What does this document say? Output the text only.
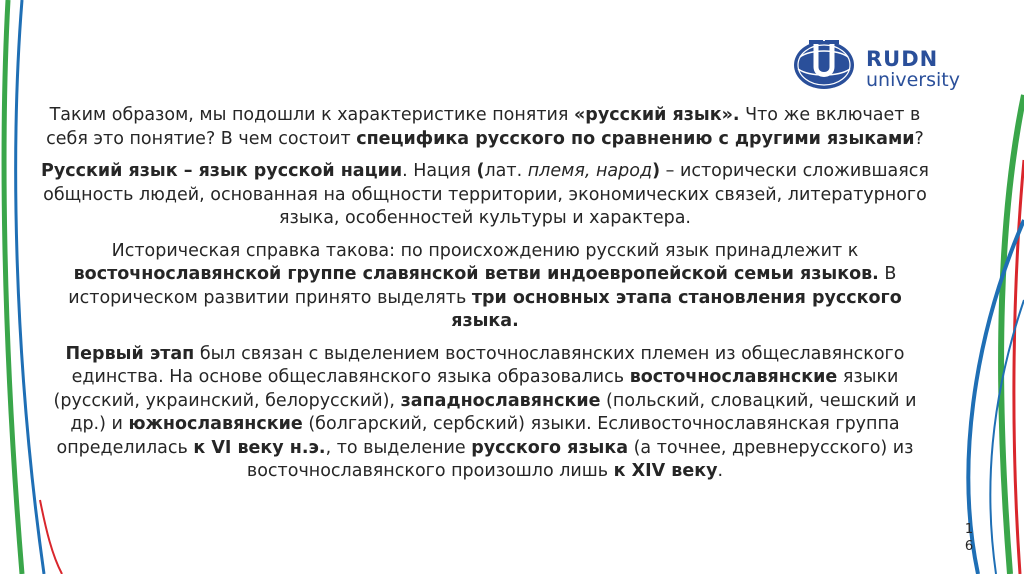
RUDN
university

Таким образом, мы подошли к характеристике понятия «русский язык». Что же включает в себя это понятие? В чем состоит специфика русского по сравнению с другими языками?

Русский язык – язык русской нации. Нация (лат. племя, народ) – исторически сложившаяся общность людей, основанная на общности территории, экономических связей, литературного языка, особенностей культуры и характера.

Историческая справка такова: по происхождению русский язык принадлежит к восточнославянской группе славянской ветви индоевропейской семьи языков. В историческом развитии принято выделять три основных этапа становления русского языка.

Первый этап был связан с выделением восточнославянских племен из общеславянского единства. На основе общеславянского языка образовались восточнославянские языки (русский, украинский, белорусский), западнославянские (польский, словацкий, чешский и др.) и южнославянские (болгарский, сербский) языки. Есливосточнославянская группа определилась к VI веку н.э., то выделение русского языка (а точнее, древнерусского) из восточнославянского произошло лишь к XIV веку.

1
6
